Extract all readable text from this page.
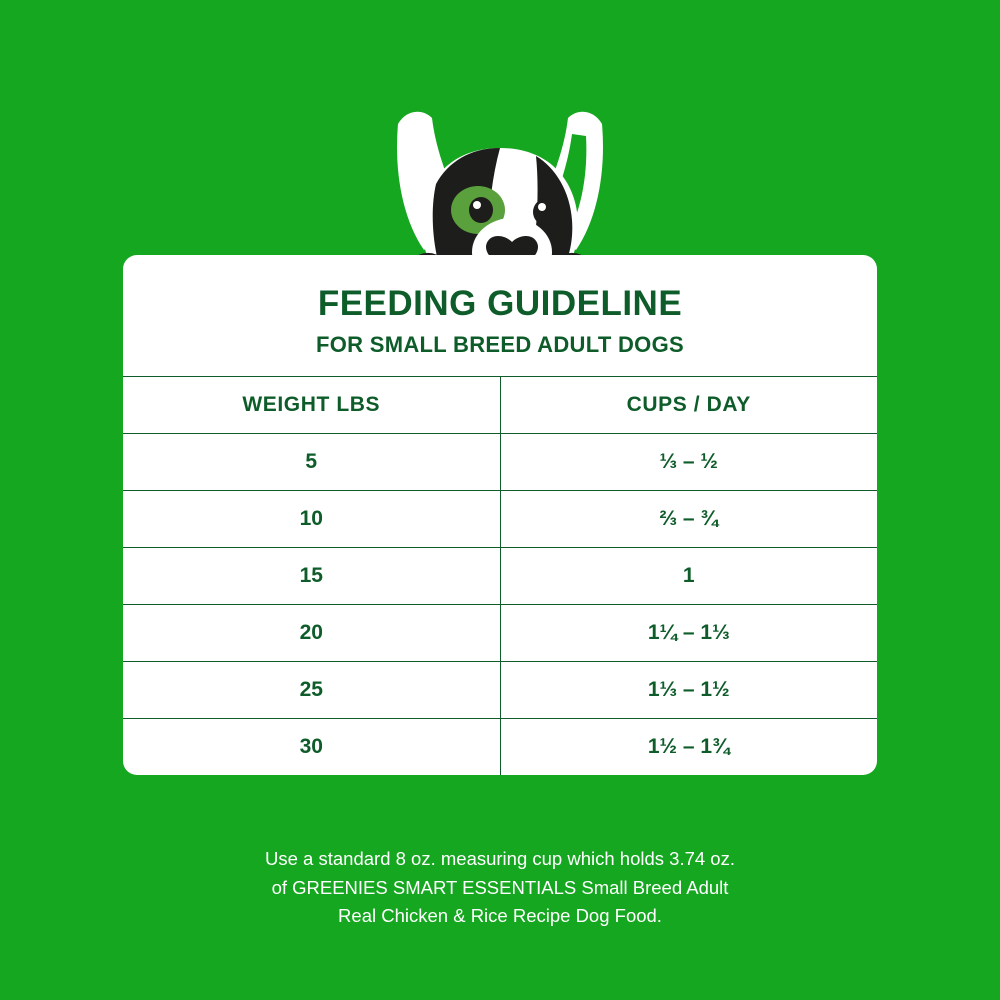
FEEDING GUIDELINE
FOR SMALL BREED ADULT DOGS
WEIGHT LBS	CUPS / DAY
5	⅓ – ½
10	⅔ – ¾
15	1
20	1¼ – 1⅓
25	1⅓ – 1½
30	1½ – 1¾
Use a standard 8 oz. measuring cup which holds 3.74 oz.
of GREENIES SMART ESSENTIALS Small Breed Adult
Real Chicken & Rice Recipe Dog Food.
